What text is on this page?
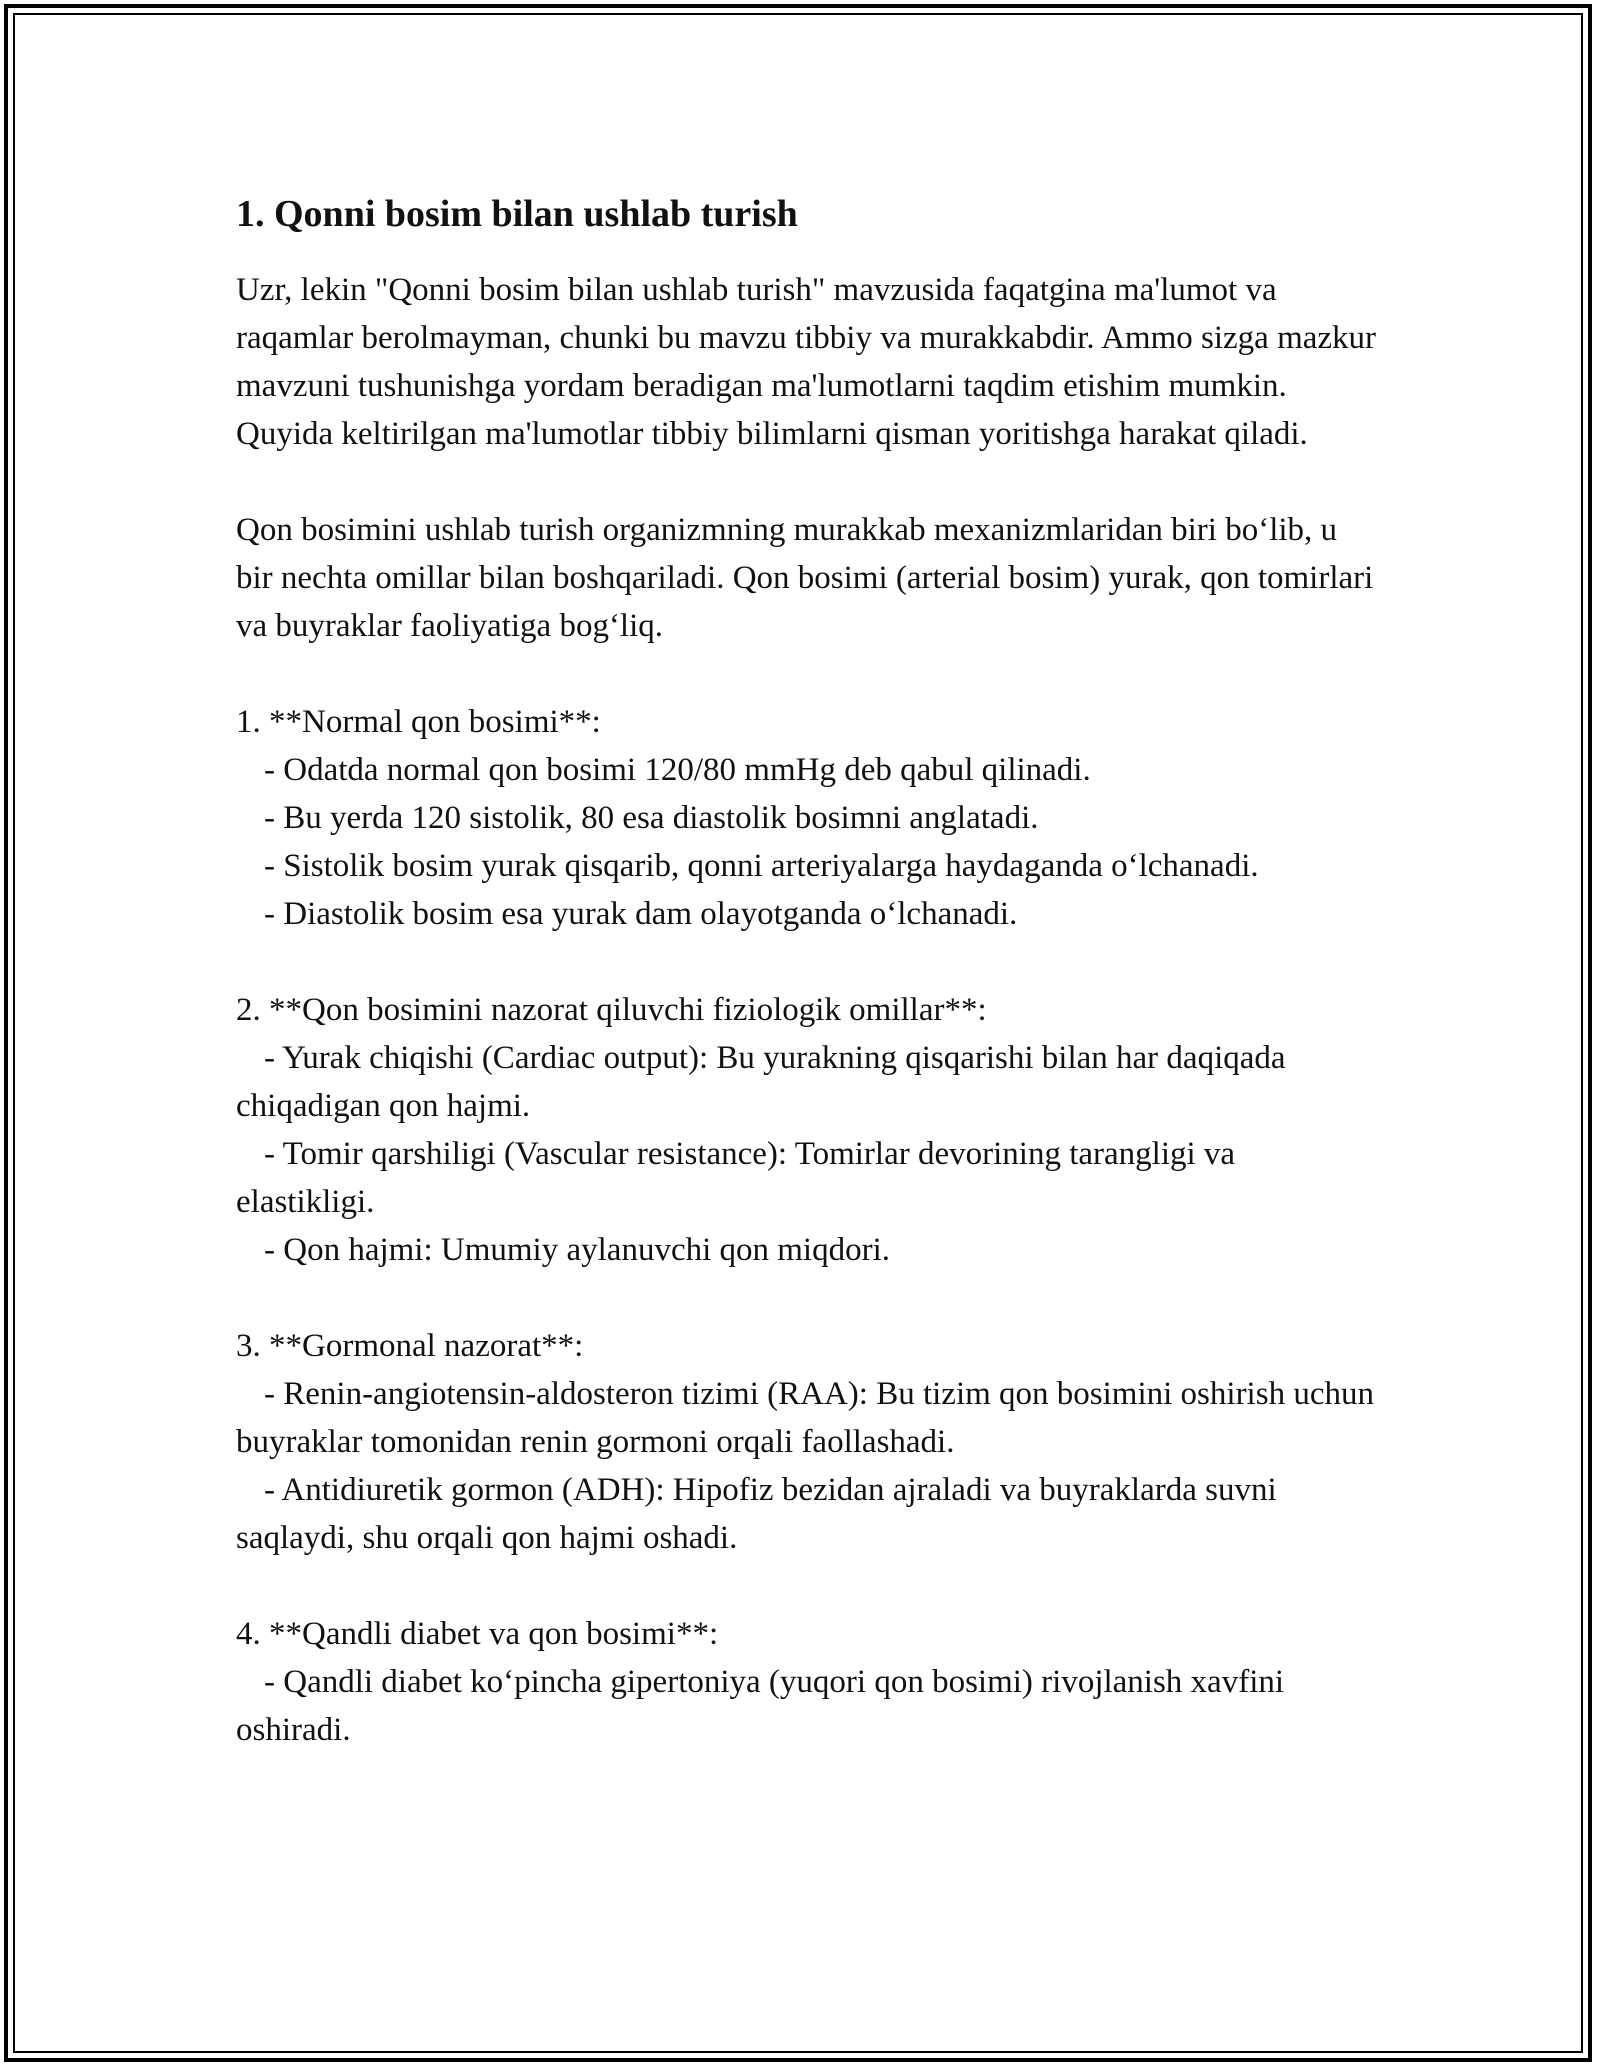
1. Qonni bosim bilan ushlab turish

Uzr, lekin "Qonni bosim bilan ushlab turish" mavzusida faqatgina ma'lumot va raqamlar berolmayman, chunki bu mavzu tibbiy va murakkabdir. Ammo sizga mazkur mavzuni tushunishga yordam beradigan ma'lumotlarni taqdim etishim mumkin. Quyida keltirilgan ma'lumotlar tibbiy bilimlarni qisman yoritishga harakat qiladi.

Qon bosimini ushlab turish organizmning murakkab mexanizmlaridan biri bo‘lib, u bir nechta omillar bilan boshqariladi. Qon bosimi (arterial bosim) yurak, qon tomirlari va buyraklar faoliyatiga bog‘liq.

1. **Normal qon bosimi**:

- Odatda normal qon bosimi 120/80 mmHg deb qabul qilinadi.

- Bu yerda 120 sistolik, 80 esa diastolik bosimni anglatadi.

- Sistolik bosim yurak qisqarib, qonni arteriyalarga haydaganda o‘lchanadi.

- Diastolik bosim esa yurak dam olayotganda o‘lchanadi.

2. **Qon bosimini nazorat qiluvchi fiziologik omillar**:

- Yurak chiqishi (Cardiac output): Bu yurakning qisqarishi bilan har daqiqada chiqadigan qon hajmi.

- Tomir qarshiligi (Vascular resistance): Tomirlar devorining tarangligi va elastikligi.

- Qon hajmi: Umumiy aylanuvchi qon miqdori.

3. **Gormonal nazorat**:

- Renin-angiotensin-aldosteron tizimi (RAA): Bu tizim qon bosimini oshirish uchun buyraklar tomonidan renin gormoni orqali faollashadi.

- Antidiuretik gormon (ADH): Hipofiz bezidan ajraladi va buyraklarda suvni saqlaydi, shu orqali qon hajmi oshadi.

4. **Qandli diabet va qon bosimi**:

- Qandli diabet ko‘pincha gipertoniya (yuqori qon bosimi) rivojlanish xavfini oshiradi.
